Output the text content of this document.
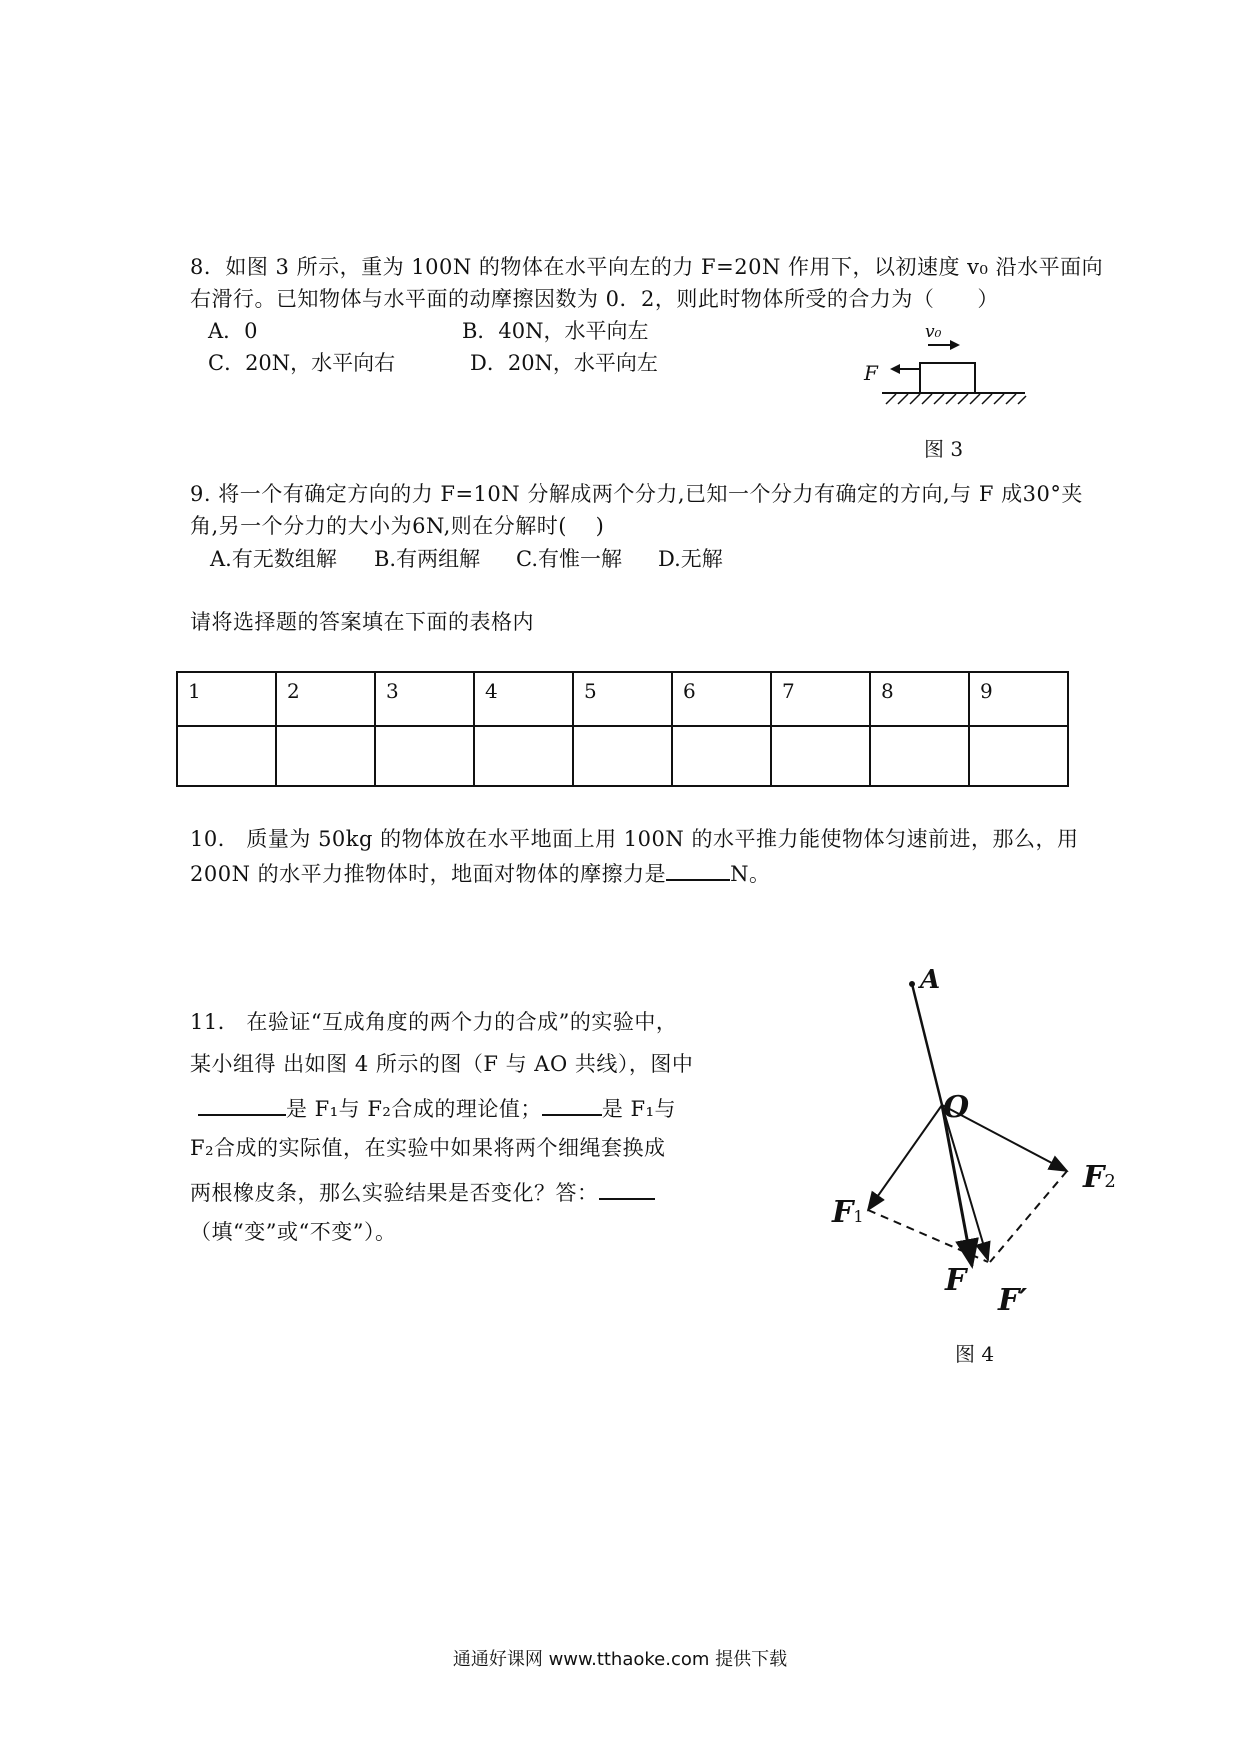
8．如图 3 所示，重为 100N 的物体在水平向左的力 F=20N 作用下，以初速度 v₀ 沿水平面向
右滑行。已知物体与水平面的动摩擦因数为 0．2，则此时物体所受的合力为（　　）
A．0	B．40N，水平向左
C．20N，水平向右	D．20N，水平向左	F
v₀
图 3
9. 将一个有确定方向的力 F=10N 分解成两个分力,已知一个分力有确定的方向,与 F 成30°夹
角,另一个分力的大小为6N,则在分解时(　 )
A.有无数组解 B.有两组解 C.有惟一解 D.无解
请将选择题的答案填在下面的表格内
1	2	3	4	5	6	7	8	9

10． 质量为 50kg 的物体放在水平地面上用 100N 的水平推力能使物体匀速前进，那么，用
200N 的水平力推物体时，地面对物体的摩擦力是	N。
11． 在验证“互成角度的两个力的合成”的实验中，
某小组得 出如图 4 所示的图（F 与 AO 共线），图中
是 F₁与 F₂合成的理论值；	是 F₁与
F₂合成的实际值，在实验中如果将两个细绳套换成
两根橡皮条，那么实验结果是否变化？答：
（填“变”或“不变”）。
A
O
F1
F2
F
F′
图 4
通通好课网 www.tthaoke.com 提供下载
